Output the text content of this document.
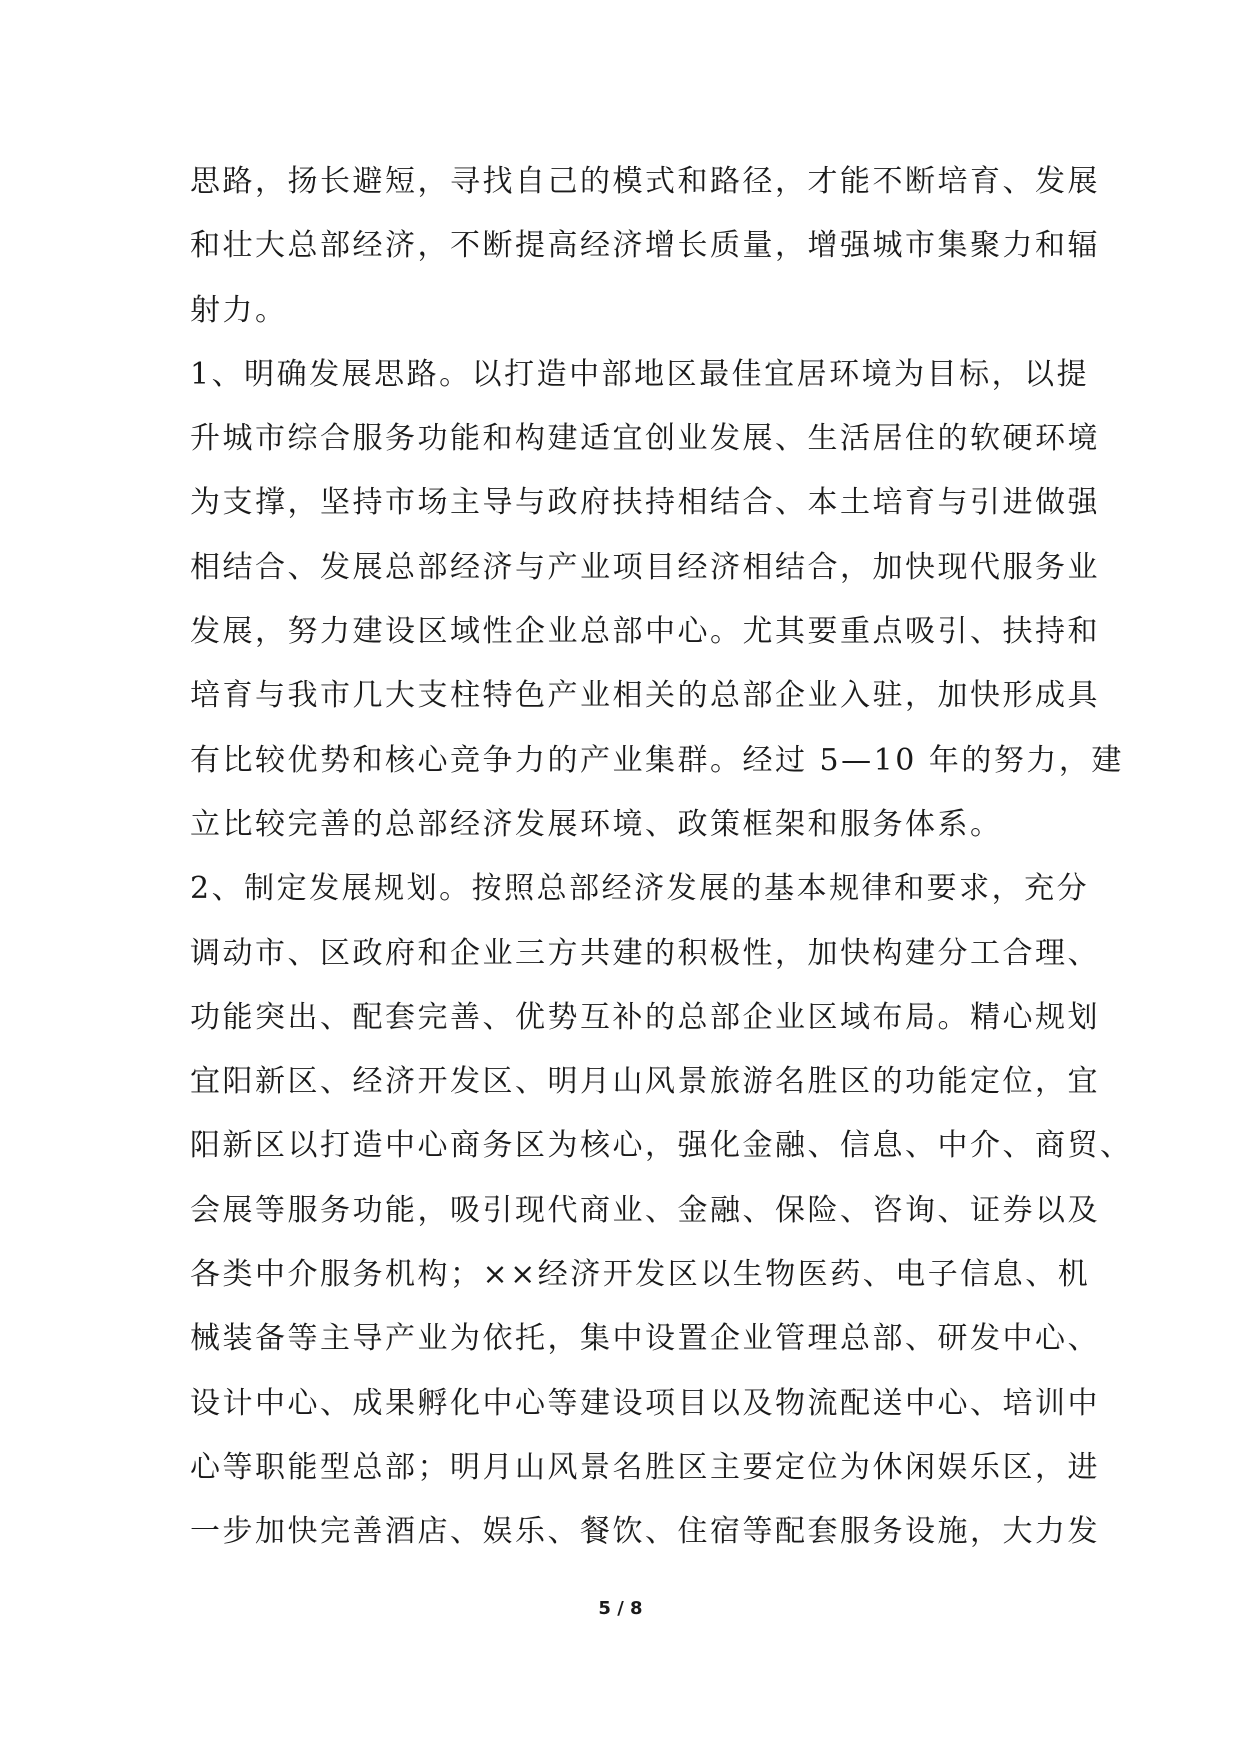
思路，扬长避短，寻找自己的模式和路径，才能不断培育、发展
和壮大总部经济，不断提高经济增长质量，增强城市集聚力和辐
射力。
1、明确发展思路。以打造中部地区最佳宜居环境为目标，以提
升城市综合服务功能和构建适宜创业发展、生活居住的软硬环境
为支撑，坚持市场主导与政府扶持相结合、本土培育与引进做强
相结合、发展总部经济与产业项目经济相结合，加快现代服务业
发展，努力建设区域性企业总部中心。尤其要重点吸引、扶持和
培育与我市几大支柱特色产业相关的总部企业入驻，加快形成具
有比较优势和核心竞争力的产业集群。经过 5—10 年的努力，建
立比较完善的总部经济发展环境、政策框架和服务体系。
2、制定发展规划。按照总部经济发展的基本规律和要求，充分
调动市、区政府和企业三方共建的积极性，加快构建分工合理、
功能突出、配套完善、优势互补的总部企业区域布局。精心规划
宜阳新区、经济开发区、明月山风景旅游名胜区的功能定位，宜
阳新区以打造中心商务区为核心，强化金融、信息、中介、商贸、
会展等服务功能，吸引现代商业、金融、保险、咨询、证券以及
各类中介服务机构；××经济开发区以生物医药、电子信息、机
械装备等主导产业为依托，集中设置企业管理总部、研发中心、
设计中心、成果孵化中心等建设项目以及物流配送中心、培训中
心等职能型总部；明月山风景名胜区主要定位为休闲娱乐区，进
一步加快完善酒店、娱乐、餐饮、住宿等配套服务设施，大力发
5 / 8
